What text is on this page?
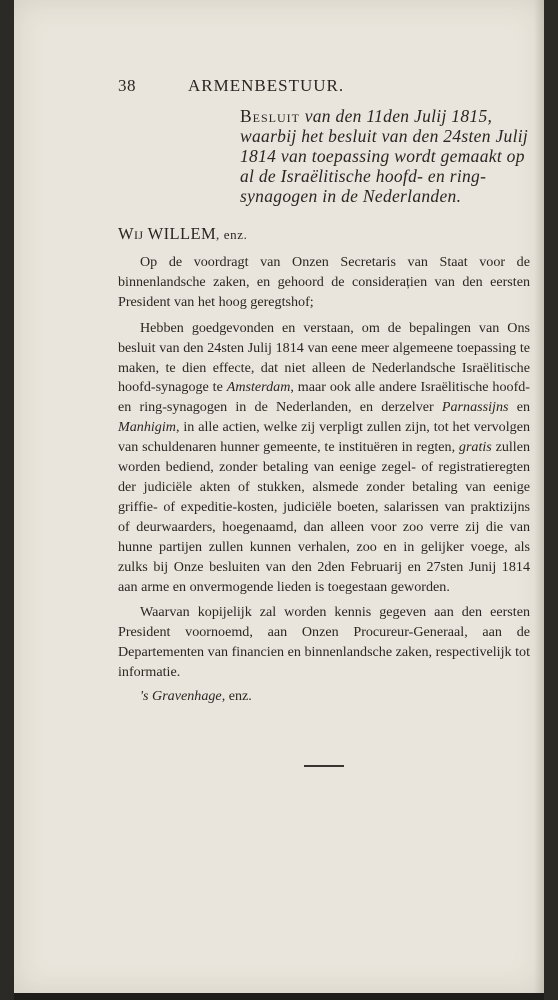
38	ARMENBESTUUR.
Besluit van den 11den Julij 1815, waarbij het besluit van den 24sten Julij 1814 van toepassing wordt gemaakt op al de Israëlitische hoofd- en ring-synagogen in de Nederlanden.
Wij WILLEM, enz.

Op de voordragt van Onzen Secretaris van Staat voor de binnenlandsche zaken, en gehoord de considerațien van den eersten President van het hoog geregtshof;

Hebben goedgevonden en verstaan, om de bepalingen van Ons besluit van den 24sten Julij 1814 van eene meer algemeene toepassing te maken, te dien effecte, dat niet alleen de Nederlandsche Israëlitische hoofd-synagoge te Amsterdam, maar ook alle andere Israëlitische hoofd- en ring-synagogen in de Nederlanden, en derzelver Parnassijns en Manhigim, in alle actien, welke zij verpligt zullen zijn, tot het vervolgen van schuldenaren hunner gemeente, te instituëren in regten, gratis zullen worden bediend, zonder betaling van eenige zegel- of registratieregten der judiciële akten of stukken, alsmede zonder betaling van eenige griffie- of expeditie-kosten, judiciële boeten, salarissen van praktizijns of deurwaarders, hoegenaamd, dan alleen voor zoo verre zij die van hunne partijen zullen kunnen verhalen, zoo en in gelijker voege, als zulks bij Onze besluiten van den 2den Februarij en 27sten Junij 1814 aan arme en onvermogende lieden is toegestaan geworden.

Waarvan kopijelijk zal worden kennis gegeven aan den eersten President voornoemd, aan Onzen Procureur-Generaal, aan de Departementen van financien en binnenlandsche zaken, respectivelijk tot informatie.

's Gravenhage, enz.
